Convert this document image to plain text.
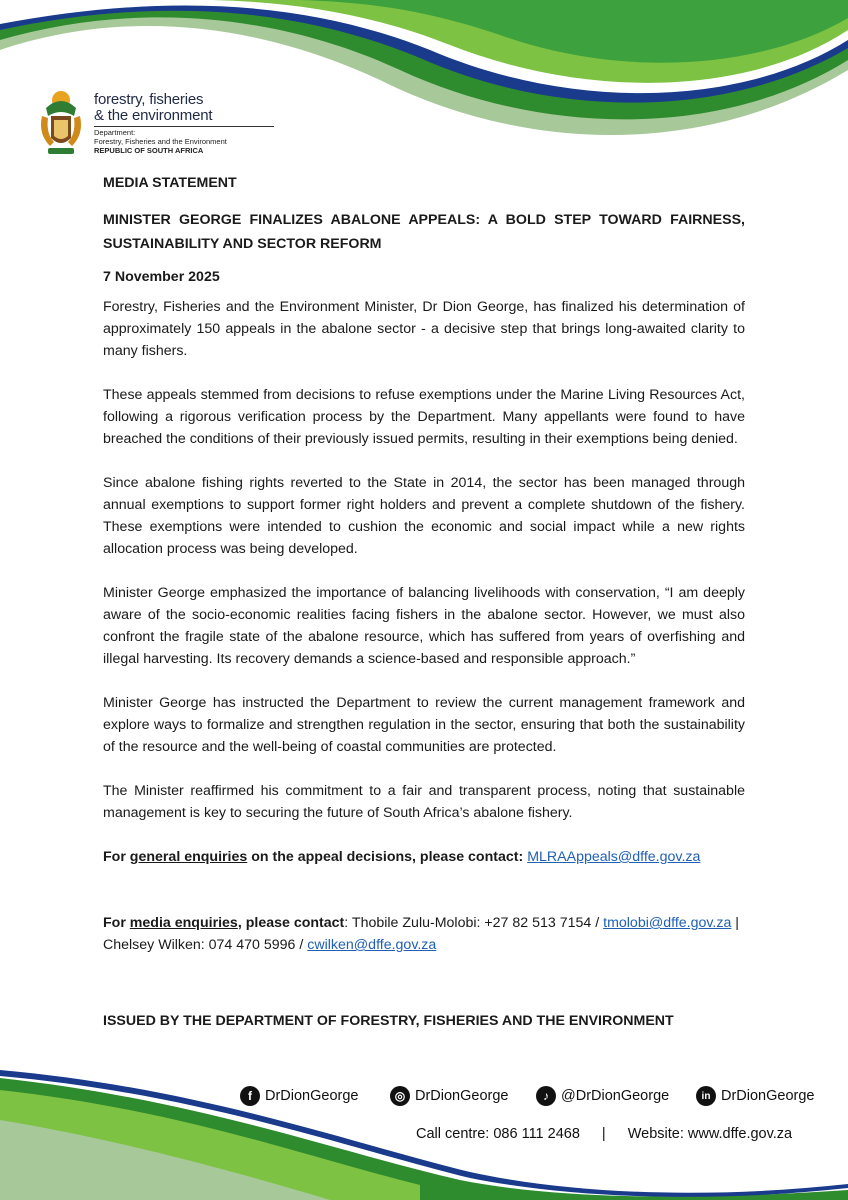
forestry, fisheries
& the environment
Department:
Forestry, Fisheries and the Environment
REPUBLIC OF SOUTH AFRICA
MEDIA STATEMENT
MINISTER GEORGE FINALIZES ABALONE APPEALS: A BOLD STEP TOWARD FAIRNESS, SUSTAINABILITY AND SECTOR REFORM
7 November 2025

Forestry, Fisheries and the Environment Minister, Dr Dion George, has finalized his determination of approximately 150 appeals in the abalone sector - a decisive step that brings long-awaited clarity to many fishers.

These appeals stemmed from decisions to refuse exemptions under the Marine Living Resources Act, following a rigorous verification process by the Department. Many appellants were found to have breached the conditions of their previously issued permits, resulting in their exemptions being denied.

Since abalone fishing rights reverted to the State in 2014, the sector has been managed through annual exemptions to support former right holders and prevent a complete shutdown of the fishery. These exemptions were intended to cushion the economic and social impact while a new rights allocation process was being developed.

Minister George emphasized the importance of balancing livelihoods with conservation, “I am deeply aware of the socio-economic realities facing fishers in the abalone sector. However, we must also confront the fragile state of the abalone resource, which has suffered from years of overfishing and illegal harvesting. Its recovery demands a science-based and responsible approach.”

Minister George has instructed the Department to review the current management framework and explore ways to formalize and strengthen regulation in the sector, ensuring that both the sustainability of the resource and the well-being of coastal communities are protected.

The Minister reaffirmed his commitment to a fair and transparent process, noting that sustainable management is key to securing the future of South Africa’s abalone fishery.

For general enquiries on the appeal decisions, please contact: MLRAAppeals@dffe.gov.za

For media enquiries, please contact: Thobile Zulu-Molobi: +27 82 513 7154 / tmolobi@dffe.gov.za | Chelsey Wilken: 074 470 5996 / cwilken@dffe.gov.za

ISSUED BY THE DEPARTMENT OF FORESTRY, FISHERIES AND THE ENVIRONMENT
f DrDionGeorge	◎ DrDionGeorge	♪ @DrDionGeorge	in DrDionGeorge
Call centre: 086 111 2468 | Website: www.dffe.gov.za
